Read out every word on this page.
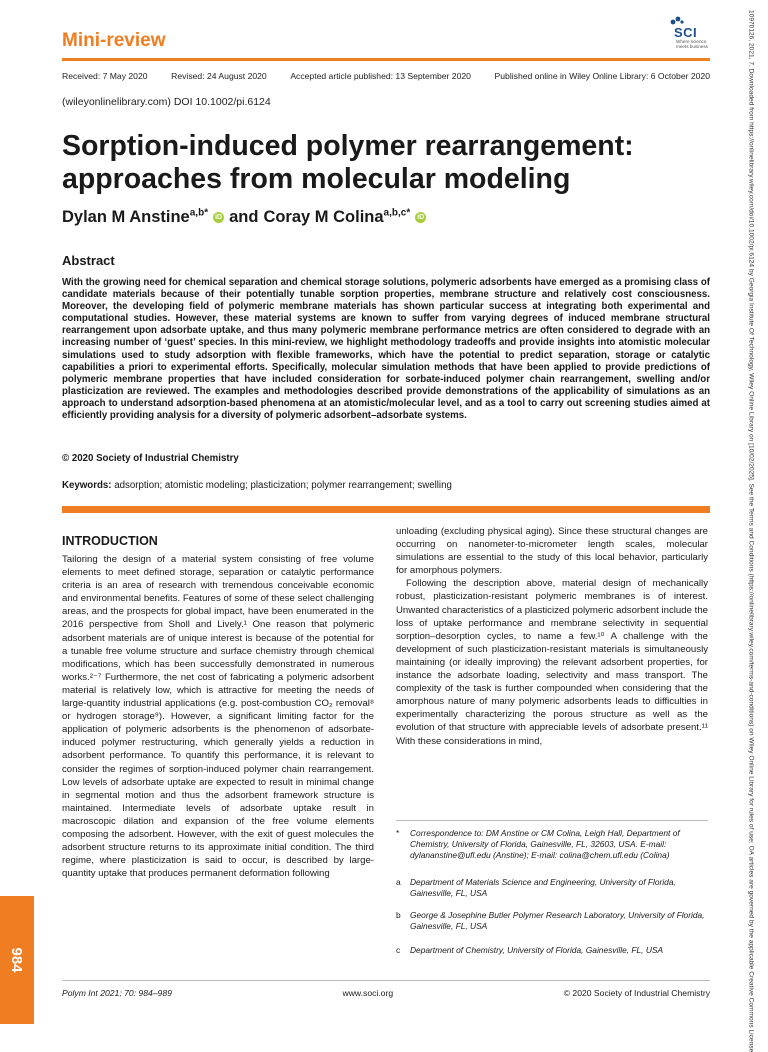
Mini-review	SCI
Where science meets business
Received: 7 May 2020	Revised: 24 August 2020	Accepted article published: 13 September 2020	Published online in Wiley Online Library: 6 October 2020
(wileyonlinelibrary.com) DOI 10.1002/pi.6124
Sorption-induced polymer rearrangement: approaches from molecular modeling
Dylan M Anstine$^{a,b*}$ iD and Coray M Colina$^{a,b,c*}$ iD
Abstract
With the growing need for chemical separation and chemical storage solutions, polymeric adsorbents have emerged as a promising class of candidate materials because of their potentially tunable sorption properties, membrane structure and relatively cost consciousness. Moreover, the developing field of polymeric membrane materials has shown particular success at integrating both experimental and computational studies. However, these material systems are known to suffer from varying degrees of induced membrane structural rearrangement upon adsorbate uptake, and thus many polymeric membrane performance metrics are often considered to degrade with an increasing number of ‘guest’ species. In this mini-review, we highlight methodology tradeoffs and provide insights into atomistic molecular simulations used to study adsorption with flexible frameworks, which have the potential to predict separation, storage or catalytic capabilities a priori to experimental efforts. Specifically, molecular simulation methods that have been applied to provide predictions of polymeric membrane properties that have included consideration for sorbate-induced polymer chain rearrangement, swelling and/or plasticization are reviewed. The examples and methodologies described provide demonstrations of the applicability of simulations as an approach to understand adsorption-based phenomena at an atomistic/molecular level, and as a tool to carry out screening studies aimed at efficiently providing analysis for a diversity of polymeric adsorbent–adsorbate systems.
© 2020 Society of Industrial Chemistry
Keywords: adsorption; atomistic modeling; plasticization; polymer rearrangement; swelling
INTRODUCTION

Tailoring the design of a material system consisting of free volume elements to meet defined storage, separation or catalytic performance criteria is an area of research with tremendous conceivable economic and environmental benefits. Features of some of these select challenging areas, and the prospects for global impact, have been enumerated in the 2016 perspective from Sholl and Lively.¹ One reason that polymeric adsorbent materials are of unique interest is because of the potential for a tunable free volume structure and surface chemistry through chemical modifications, which has been successfully demonstrated in numerous works.²⁻⁷ Furthermore, the net cost of fabricating a polymeric adsorbent material is relatively low, which is attractive for meeting the needs of large-quantity industrial applications (e.g. post-combustion CO₂ removal⁸ or hydrogen storage⁹). However, a significant limiting factor for the application of polymeric adsorbents is the phenomenon of adsorbate-induced polymer restructuring, which generally yields a reduction in adsorbent performance. To quantify this performance, it is relevant to consider the regimes of sorption-induced polymer chain rearrangement. Low levels of adsorbate uptake are expected to result in minimal change in segmental motion and thus the adsorbent framework structure is maintained. Intermediate levels of adsorbate uptake result in macroscopic dilation and expansion of the free volume elements composing the adsorbent. However, with the exit of guest molecules the adsorbent structure returns to its approximate initial condition. The third regime, where plasticization is said to occur, is described by large-quantity uptake that produces permanent deformation following

unloading (excluding physical aging). Since these structural changes are occurring on nanometer-to-micrometer length scales, molecular simulations are essential to the study of this local behavior, particularly for amorphous polymers.

Following the description above, material design of mechanically robust, plasticization-resistant polymeric membranes is of interest. Unwanted characteristics of a plasticized polymeric adsorbent include the loss of uptake performance and membrane selectivity in sequential sorption–desorption cycles, to name a few.¹⁰ A challenge with the development of such plasticization-resistant materials is simultaneously maintaining (or ideally improving) the relevant adsorbent properties, for instance the adsorbate loading, selectivity and mass transport. The complexity of the task is further compounded when considering that the amorphous nature of many polymeric adsorbents leads to difficulties in experimentally characterizing the porous structure as well as the evolution of that structure with appreciable levels of adsorbate present.¹¹ With these considerations in mind,

*	Correspondence to: DM Anstine or CM Colina, Leigh Hall, Department of Chemistry, University of Florida, Gainesville, FL, 32603, USA. E-mail: dylananstine@ufl.edu (Anstine); E-mail: colina@chem.ufl.edu (Colina)
a	Department of Materials Science and Engineering, University of Florida, Gainesville, FL, USA
b	George & Josephine Butler Polymer Research Laboratory, University of Florida, Gainesville, FL, USA
c	Department of Chemistry, University of Florida, Gainesville, FL, USA
984
Polym Int 2021; 70: 984–989	www.soci.org	© 2020 Society of Industrial Chemistry	10970126, 2021, 7, Downloaded from https://onlinelibrary.wiley.com/doi/10.1002/pi.6124 by Georgia Institute Of Technology, Wiley Online Library on [10/02/2025]. See the Terms and Conditions (https://onlinelibrary.wiley.com/terms-and-conditions) on Wiley Online Library for rules of use; OA articles are governed by the applicable Creative Commons License
